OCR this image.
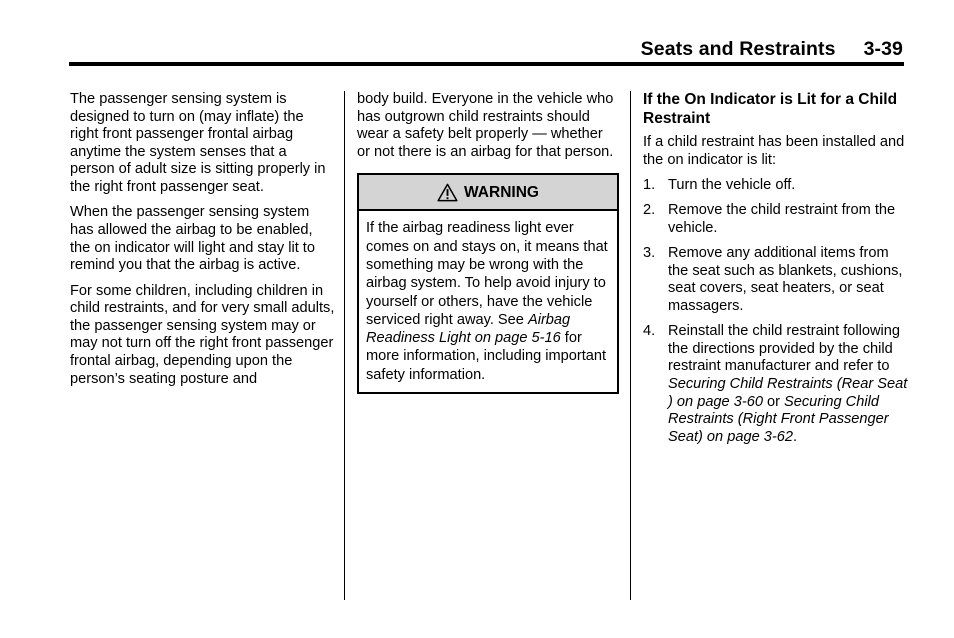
Seats and Restraints 3-39

The passenger sensing system is designed to turn on (may inflate) the right front passenger frontal airbag anytime the system senses that a person of adult size is sitting properly in the right front passenger seat.

When the passenger sensing system has allowed the airbag to be enabled, the on indicator will light and stay lit to remind you that the airbag is active.

For some children, including children in child restraints, and for very small adults, the passenger sensing system may or may not turn off the right front passenger frontal airbag, depending upon the person’s seating posture and

body build. Everyone in the vehicle who has outgrown child restraints should wear a safety belt properly — whether or not there is an airbag for that person.

WARNING
If the airbag readiness light ever comes on and stays on, it means that something may be wrong with the airbag system. To help avoid injury to yourself or others, have the vehicle serviced right away. See Airbag Readiness Light on page 5-16 for more information, including important safety information.
If the On Indicator is Lit for a Child Restraint

If a child restraint has been installed and the on indicator is lit:

1. Turn the vehicle off.
2. Remove the child restraint from the vehicle.
3. Remove any additional items from the seat such as blankets, cushions, seat covers, seat heaters, or seat massagers.
4. Reinstall the child restraint following the directions provided by the child restraint manufacturer and refer to Securing Child Restraints (Rear Seat ) on page 3-60 or Securing Child Restraints (Right Front Passenger Seat) on page 3-62.
